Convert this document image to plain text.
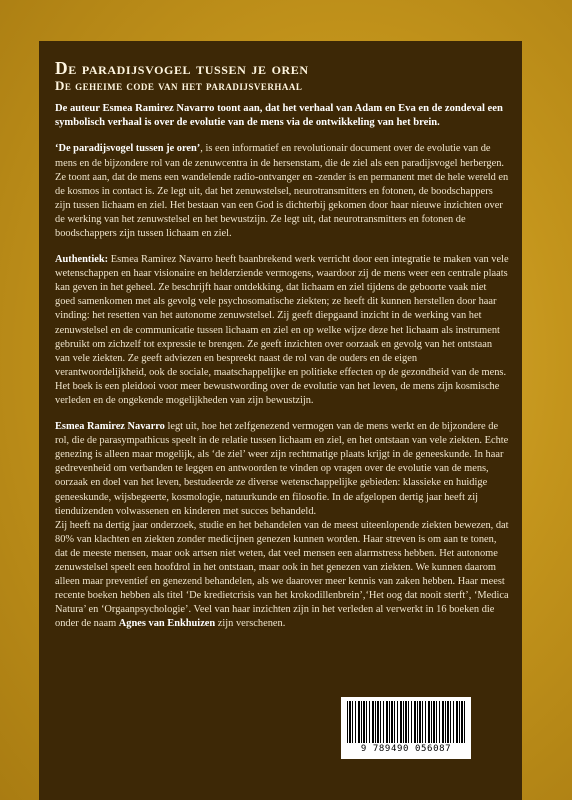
De paradijsvogel tussen je oren
De geheime code van het paradijsverhaal

De auteur Esmea Ramirez Navarro toont aan, dat het verhaal van Adam en Eva en de zondeval een symbolisch verhaal is over de evolutie van de mens via de ontwikkeling van het brein.

‘De paradijsvogel tussen je oren’, is een informatief en revolutionair document over de evolutie van de mens en de bijzondere rol van de zenuwcentra in de hersenstam, die de ziel als een paradijsvogel herbergen. Ze toont aan, dat de mens een wandelende radio-ontvanger en -zender is en permanent met de hele wereld en de kosmos in contact is. Ze legt uit, dat het zenuwstelsel, neurotransmitters en fotonen, de boodschappers zijn tussen lichaam en ziel. Het bestaan van een God is dichterbij gekomen door haar nieuwe inzichten over de werking van het zenuwstelsel en het bewustzijn. Ze legt uit, dat neurotransmitters en fotonen de boodschappers zijn tussen lichaam en ziel.

Authentiek: Esmea Ramirez Navarro heeft baanbrekend werk verricht door een integratie te maken van vele wetenschappen en haar visionaire en helderziende vermogens, waardoor zij de mens weer een centrale plaats kan geven in het geheel. Ze beschrijft haar ontdekking, dat lichaam en ziel tijdens de geboorte vaak niet goed samenkomen met als gevolg vele psychosomatische ziekten; ze heeft dit kunnen herstellen door haar vinding: het resetten van het autonome zenuwstelsel. Zij geeft diepgaand inzicht in de werking van het zenuwstelsel en de communicatie tussen lichaam en ziel en op welke wijze deze het lichaam als instrument gebruikt om zichzelf tot expressie te brengen. Ze geeft inzichten over oorzaak en gevolg van het ontstaan van vele ziekten. Ze geeft adviezen en bespreekt naast de rol van de ouders en de eigen verantwoordelijkheid, ook de sociale, maatschappelijke en politieke effecten op de gezondheid van de mens. Het boek is een pleidooi voor meer bewustwording over de evolutie van het leven, de mens zijn kosmische verleden en de ongekende mogelijkheden van zijn bewustzijn.

Esmea Ramirez Navarro legt uit, hoe het zelfgenezend vermogen van de mens werkt en de bijzondere de rol, die de parasympathicus speelt in de relatie tussen lichaam en ziel, en het ontstaan van vele ziekten. Echte genezing is alleen maar mogelijk, als ‘de ziel’ weer zijn rechtmatige plaats krijgt in de geneeskunde. In haar gedrevenheid om verbanden te leggen en antwoorden te vinden op vragen over de evolutie van de mens, oorzaak en doel van het leven, bestudeerde ze diverse wetenschappelijke gebieden: klassieke en huidige geneeskunde, wijsbegeerte, kosmologie, natuurkunde en filosofie. In de afgelopen dertig jaar heeft zij tienduizenden volwassenen en kinderen met succes behandeld.

Zij heeft na dertig jaar onderzoek, studie en het behandelen van de meest uiteenlopende ziekten bewezen, dat 80% van klachten en ziekten zonder medicijnen genezen kunnen worden. Haar streven is om aan te tonen, dat de meeste mensen, maar ook artsen niet weten, dat veel mensen een alarmstress hebben. Het autonome zenuwstelsel speelt een hoofdrol in het ontstaan, maar ook in het genezen van ziekten. We kunnen daarom alleen maar preventief en genezend behandelen, als we daarover meer kennis van zaken hebben. Haar meest recente boeken hebben als titel ‘De kredietcrisis van het krokodillenbrein’,‘Het oog dat nooit sterft’, ‘Medica Natura’ en ‘Orgaanpsychologie’. Veel van haar inzichten zijn in het verleden al verwerkt in 16 boeken die onder de naam Agnes van Enkhuizen zijn verschenen.

9 789490 056087
